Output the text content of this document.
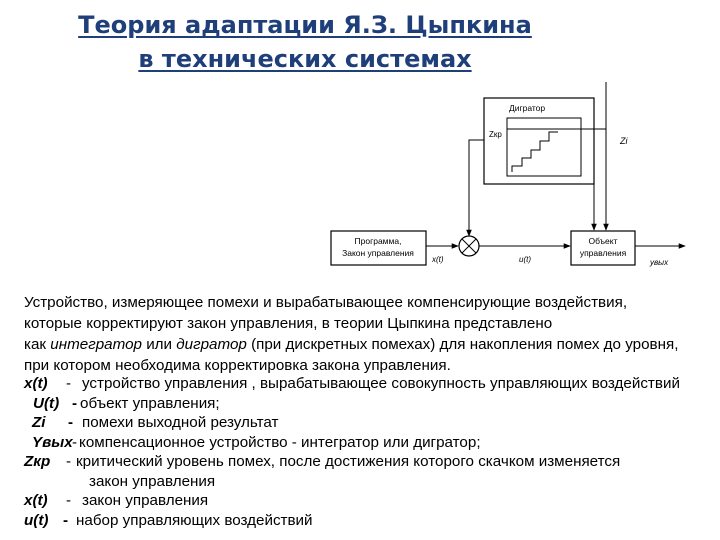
Теория адаптации Я.З. Цыпкина
в технических системах
Дигратор
Zкр
Zi
Программа,
Закон управления
x(t)	u(t)
Объект
управления
yвых

Устройство, измеряющее помехи и вырабатывающее компенсирующие воздействия,

которые корректируют закон управления, в теории Цыпкина представлено

как интегратор или дигратор (при дискретных помехах) для накопления помех до уровня,

при котором необходима корректировка закона управления.

x(t) - устройство управления , вырабатывающее совокупность управляющих воздействий
U(t) - объект управления;
Zi - помехи выходной результат
Yвых - компенсационное устройство - интегратор или дигратор;
Zкр - критический уровень помех, после достижения которого скачком изменяется
закон управления
x(t) - закон управления
u(t) - набор управляющих воздействий
